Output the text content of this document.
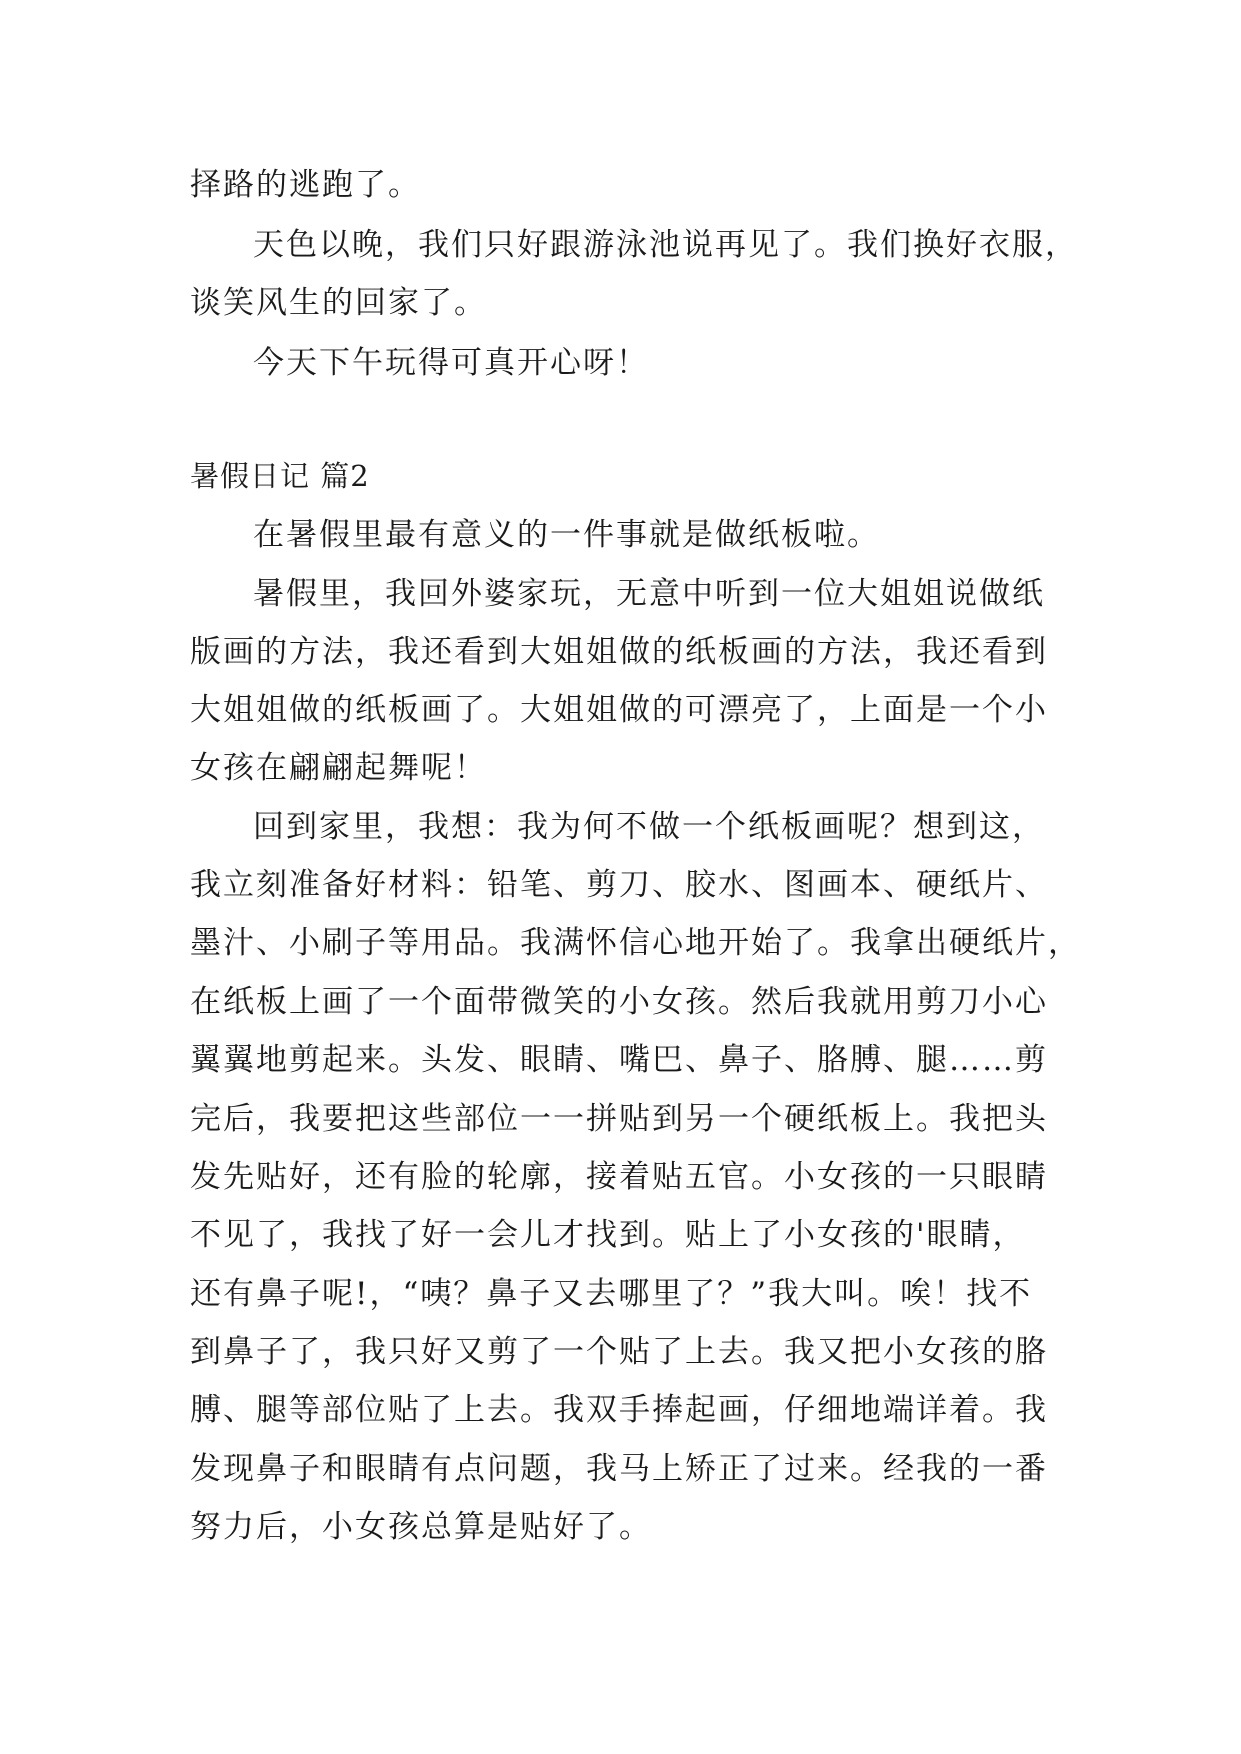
择路的逃跑了。
天色以晚，我们只好跟游泳池说再见了。我们换好衣服，
谈笑风生的回家了。
今天下午玩得可真开心呀！
暑假日记 篇2
在暑假里最有意义的一件事就是做纸板啦。
暑假里，我回外婆家玩，无意中听到一位大姐姐说做纸
版画的方法，我还看到大姐姐做的纸板画的方法，我还看到
大姐姐做的纸板画了。大姐姐做的可漂亮了，上面是一个小
女孩在翩翩起舞呢！
回到家里，我想：我为何不做一个纸板画呢？想到这，
我立刻准备好材料：铅笔、剪刀、胶水、图画本、硬纸片、
墨汁、小刷子等用品。我满怀信心地开始了。我拿出硬纸片，
在纸板上画了一个面带微笑的小女孩。然后我就用剪刀小心
翼翼地剪起来。头发、眼睛、嘴巴、鼻子、胳膊、腿……剪
完后，我要把这些部位一一拼贴到另一个硬纸板上。我把头
发先贴好，还有脸的轮廓，接着贴五官。小女孩的一只眼睛
不见了，我找了好一会儿才找到。贴上了小女孩的'眼睛，
还有鼻子呢!，“咦？鼻子又去哪里了？”我大叫。唉！找不
到鼻子了，我只好又剪了一个贴了上去。我又把小女孩的胳
膊、腿等部位贴了上去。我双手捧起画，仔细地端详着。我
发现鼻子和眼睛有点问题，我马上矫正了过来。经我的一番
努力后，小女孩总算是贴好了。
